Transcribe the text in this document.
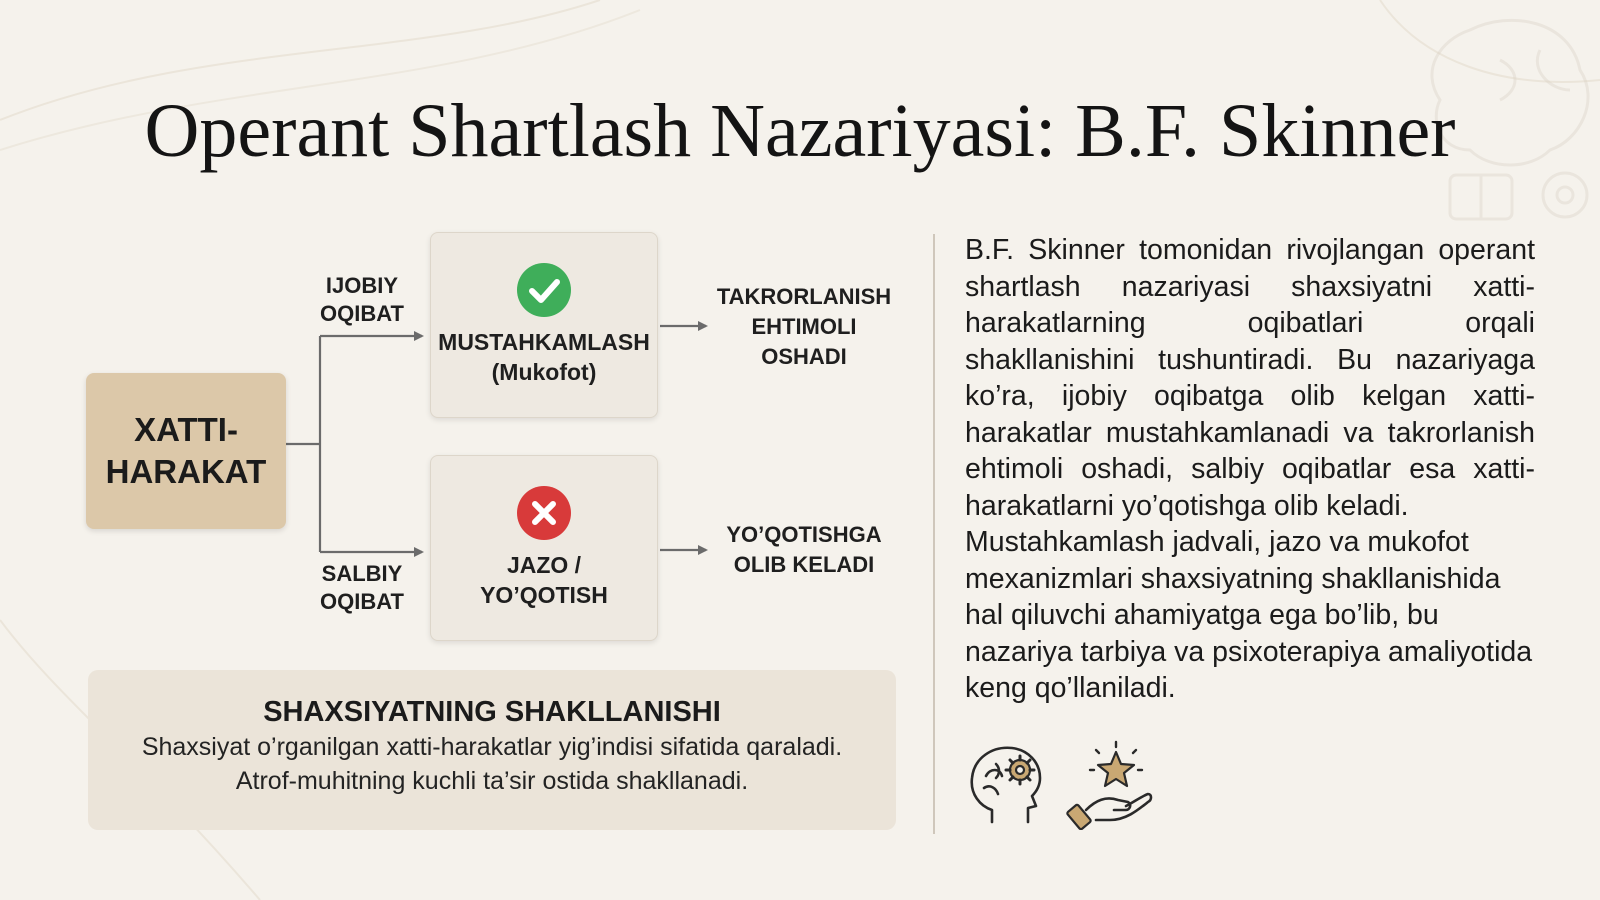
Operant Shartlash Nazariyasi: B.F. Skinner
XATTI-
HARAKAT
IJOBIY
OQIBAT
SALBIY
OQIBAT
MUSTAHKAMLASH
(Mukofot)
JAZO /
YO’QOTISH
TAKRORLANISH
EHTIMOLI
OSHADI
YO’QOTISHGA
OLIB KELADI
SHAXSIYATNING SHAKLLANISHI
Shaxsiyat o’rganilgan xatti-harakatlar yig’indisi sifatida qaraladi.
Atrof-muhitning kuchli ta’sir ostida shakllanadi.
B.F. Skinner tomonidan rivojlangan operant
shartlash nazariyasi shaxsiyatni xatti-
harakatlarning oqibatlari orqali
shakllanishini tushuntiradi. Bu nazariyaga
ko’ra, ijobiy oqibatga olib kelgan xatti-
harakatlar mustahkamlanadi va takrorlanish
ehtimoli oshadi, salbiy oqibatlar esa xatti-
harakatlarni yo’qotishga olib keladi.
Mustahkamlash jadvali, jazo va mukofot
mexanizmlari shaxsiyatning shakllanishida
hal qiluvchi ahamiyatga ega bo’lib, bu
nazariya tarbiya va psixoterapiya amaliyotida
keng qo’llaniladi.
